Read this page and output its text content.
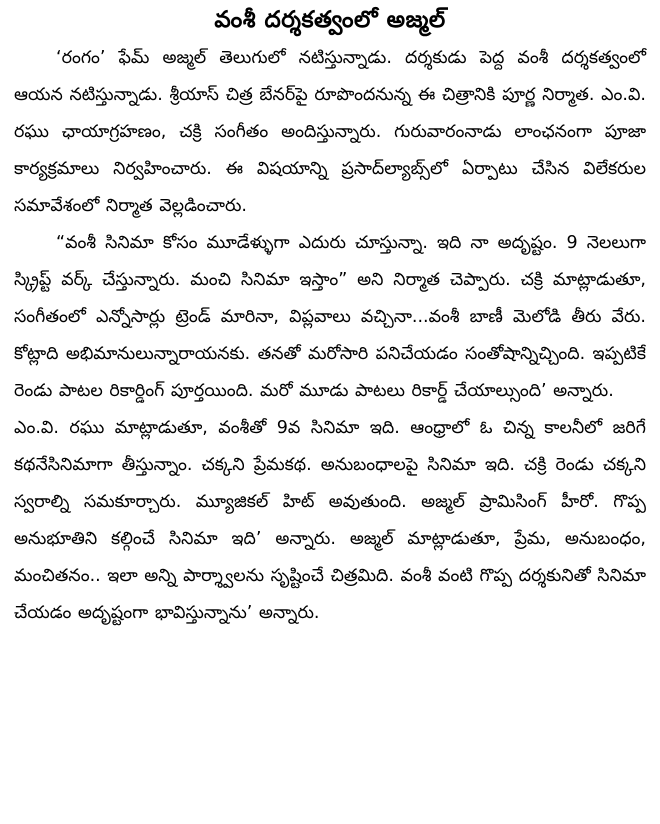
వంశీ దర్శకత్వంలో అజ్మల్

‘రంగం’ ఫేమ్ అజ్మల్ తెలుగులో నటిస్తున్నాడు. దర్శకుడు పెద్ద వంశీ దర్శకత్వంలో ఆయన నటిస్తున్నాడు. శ్రీయాస్ చిత్ర బేనర్‌పై రూపొందనున్న ఈ చిత్రానికి పూర్ణ నిర్మాత. ఎం.వి. రఘు ఛాయాగ్రహణం, చక్రి సంగీతం అందిస్తున్నారు. గురువారంనాడు లాంఛనంగా పూజా కార్యక్రమాలు నిర్వహించారు. ఈ విషయాన్ని ప్రసాద్‌ల్యాబ్స్‌లో ఏర్పాటు చేసిన విలేకరుల సమావేశంలో నిర్మాత వెల్లడించారు.

“వంశీ సినిమా కోసం మూడేళ్ళుగా ఎదురు చూస్తున్నా. ఇది నా అదృష్టం. 9 నెలలుగా స్క్రిప్ట్ వర్క్ చేస్తున్నారు. మంచి సినిమా ఇస్తాం” అని నిర్మాత చెప్పారు. చక్రి మాట్లాడుతూ, సంగీతంలో ఎన్నోసార్లు ట్రెండ్ మారినా, విప్లవాలు వచ్చినా...వంశీ బాణీ మెలోడి తీరు వేరు. కోట్లాది అభిమానులున్నారాయనకు. తనతో మరోసారి పనిచేయడం సంతోషాన్నిచ్చింది. ఇప్పటికే రెండు పాటల రికార్డింగ్ పూర్తయింది. మరో మూడు పాటలు రికార్డ్ చేయాల్సుంది’ అన్నారు.

ఎం.వి. రఘు మాట్లాడుతూ, వంశీతో 9వ సినిమా ఇది. ఆంధ్రాలో ఓ చిన్న కాలనీలో జరిగే కథనేసినిమాగా తీస్తున్నాం. చక్కని ప్రేమకథ. అనుబంధాలపై సినిమా ఇది. చక్రి రెండు చక్కని స్వరాల్ని సమకూర్చారు. మ్యూజికల్ హిట్ అవుతుంది. అజ్మల్ ప్రామిసింగ్ హీరో. గొప్ప అనుభూతిని కల్గించే సినిమా ఇది’ అన్నారు. అజ్మల్ మాట్లాడుతూ, ప్రేమ, అనుబంధం, మంచితనం.. ఇలా అన్ని పార్శ్వాలను సృష్టించే చిత్రమిది. వంశీ వంటి గొప్ప దర్శకునితో సినిమా చేయడం అదృష్టంగా భావిస్తున్నాను’ అన్నారు.
